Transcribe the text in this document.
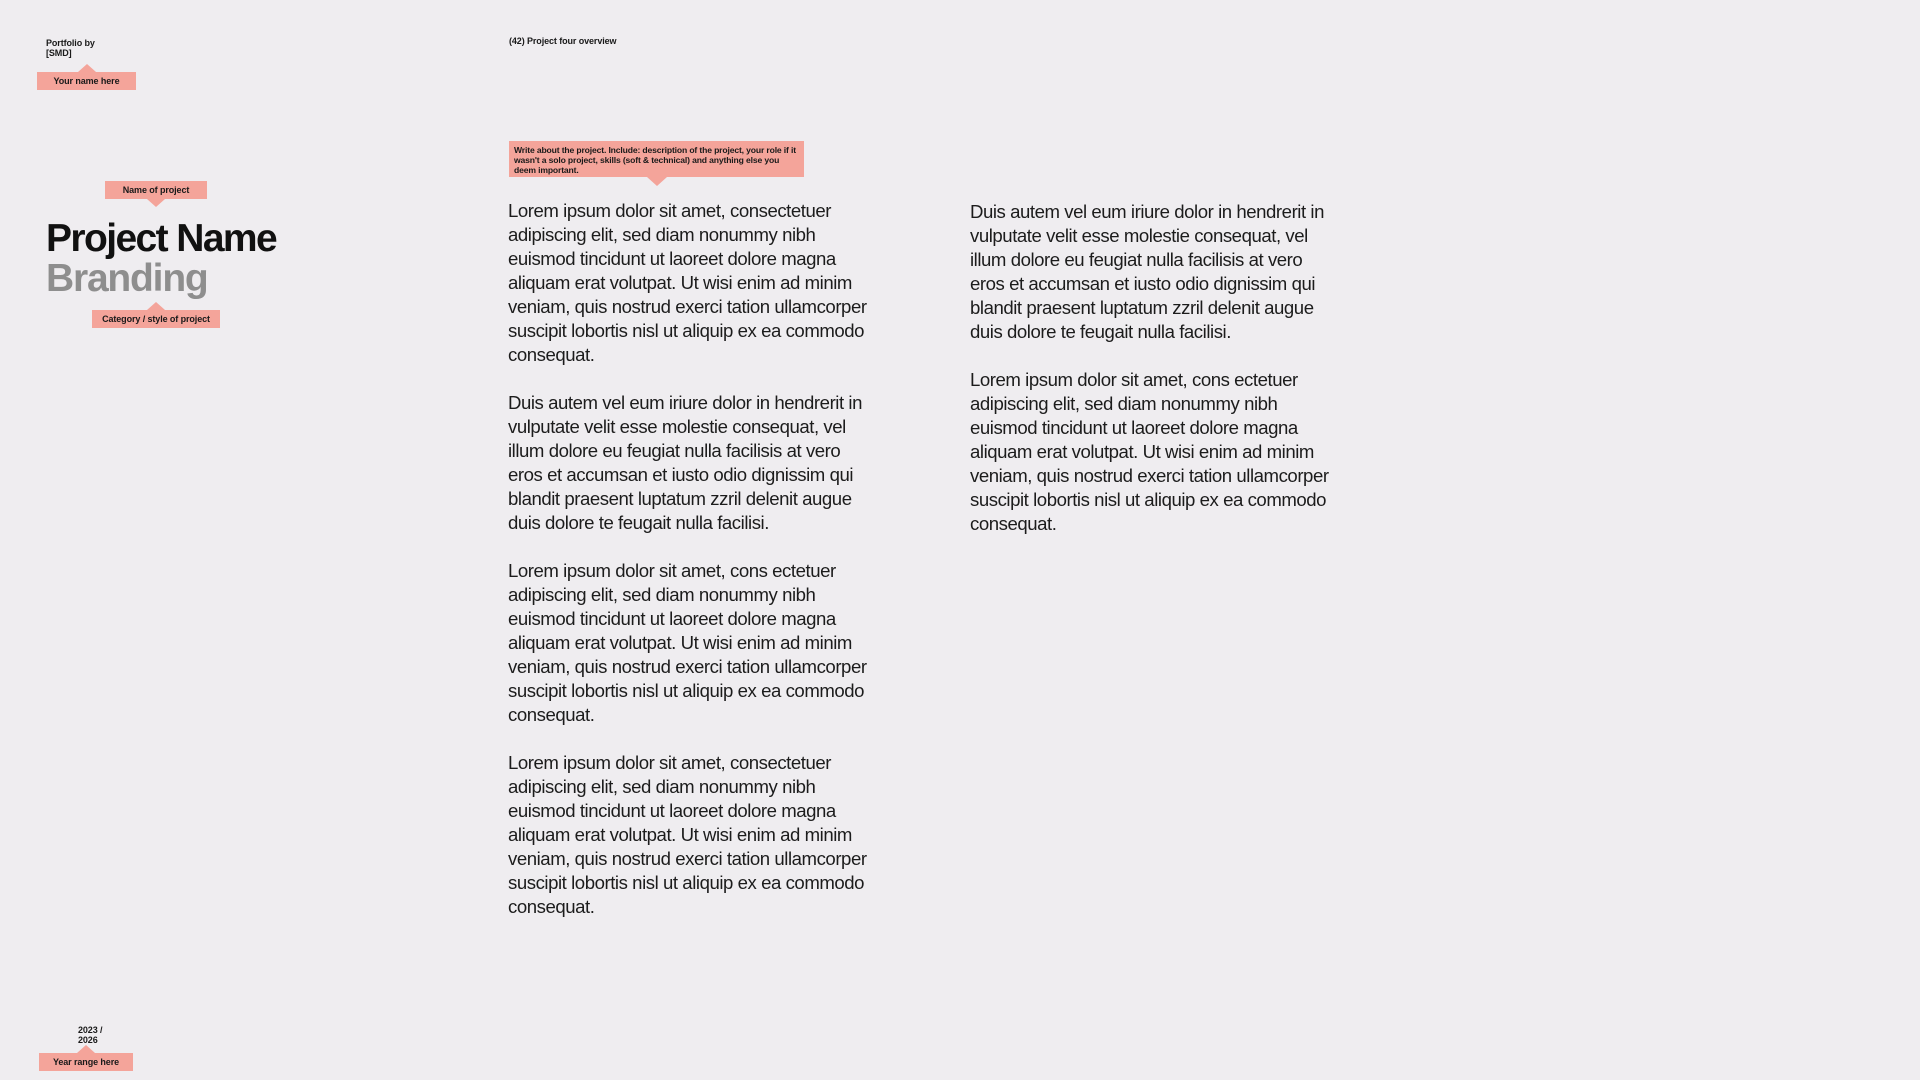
Portfolio by
[SMD]
Your name here
(42) Project four overview
Name of project
Project Name
Branding
Category / style of project
Write about the project. Include: description of the project, your role if it wasn't a solo project, skills (soft & technical) and anything else you deem important.

Lorem ipsum dolor sit amet, consectetuer
adipiscing elit, sed diam nonummy nibh
euismod tincidunt ut laoreet dolore magna
aliquam erat volutpat. Ut wisi enim ad minim
veniam, quis nostrud exerci tation ullamcorper
suscipit lobortis nisl ut aliquip ex ea commodo
consequat.

Duis autem vel eum iriure dolor in hendrerit in
vulputate velit esse molestie consequat, vel
illum dolore eu feugiat nulla facilisis at vero
eros et accumsan et iusto odio dignissim qui
blandit praesent luptatum zzril delenit augue
duis dolore te feugait nulla facilisi.

Lorem ipsum dolor sit amet, cons ectetuer
adipiscing elit, sed diam nonummy nibh
euismod tincidunt ut laoreet dolore magna
aliquam erat volutpat. Ut wisi enim ad minim
veniam, quis nostrud exerci tation ullamcorper
suscipit lobortis nisl ut aliquip ex ea commodo
consequat.

Lorem ipsum dolor sit amet, consectetuer
adipiscing elit, sed diam nonummy nibh
euismod tincidunt ut laoreet dolore magna
aliquam erat volutpat. Ut wisi enim ad minim
veniam, quis nostrud exerci tation ullamcorper
suscipit lobortis nisl ut aliquip ex ea commodo
consequat.

Duis autem vel eum iriure dolor in hendrerit in
vulputate velit esse molestie consequat, vel
illum dolore eu feugiat nulla facilisis at vero
eros et accumsan et iusto odio dignissim qui
blandit praesent luptatum zzril delenit augue
duis dolore te feugait nulla facilisi.

Lorem ipsum dolor sit amet, cons ectetuer
adipiscing elit, sed diam nonummy nibh
euismod tincidunt ut laoreet dolore magna
aliquam erat volutpat. Ut wisi enim ad minim
veniam, quis nostrud exerci tation ullamcorper
suscipit lobortis nisl ut aliquip ex ea commodo
consequat.

2023 /
2026
Year range here
